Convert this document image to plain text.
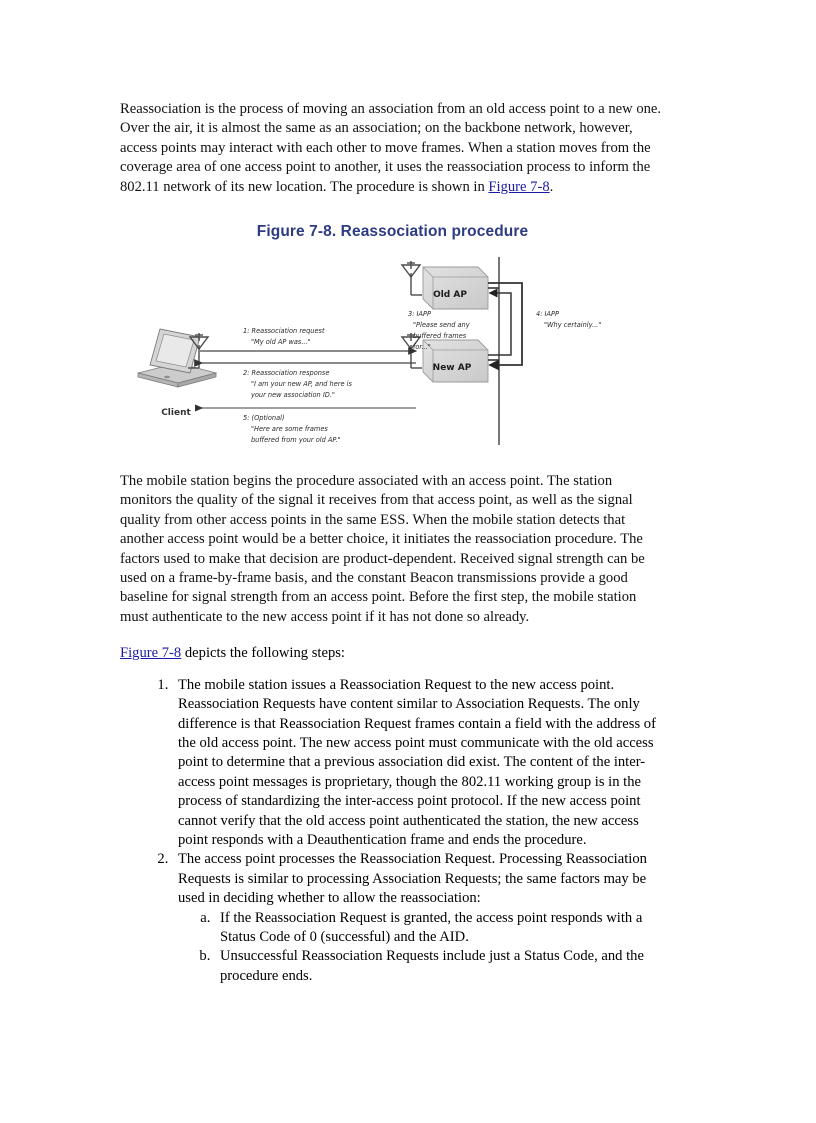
Reassociation is the process of moving an association from an old access point to a new one. Over the air, it is almost the same as an association; on the backbone network, however, access points may interact with each other to move frames. When a station moves from the coverage area of one access point to another, it uses the reassociation process to inform the 802.11 network of its new location. The procedure is shown in Figure 7-8.

Figure 7-8. Reassociation procedure
Client
Old AP
New AP
1: Reassociation request
"My old AP was..."
2: Reassociation response
"I am your new AP, and here is
your new association ID."
5: (Optional)
"Here are some frames
buffered from your old AP."
3: IAPP
"Please send any
buffered frames
for..."
4: IAPP
"Why certainly..."

The mobile station begins the procedure associated with an access point. The station monitors the quality of the signal it receives from that access point, as well as the signal quality from other access points in the same ESS. When the mobile station detects that another access point would be a better choice, it initiates the reassociation procedure. The factors used to make that decision are product-dependent. Received signal strength can be used on a frame-by-frame basis, and the constant Beacon transmissions provide a good baseline for signal strength from an access point. Before the first step, the mobile station must authenticate to the new access point if it has not done so already.

Figure 7-8 depicts the following steps:

1. The mobile station issues a Reassociation Request to the new access point. Reassociation Requests have content similar to Association Requests. The only difference is that Reassociation Request frames contain a field with the address of the old access point. The new access point must communicate with the old access point to determine that a previous association did exist. The content of the inter-access point messages is proprietary, though the 802.11 working group is in the process of standardizing the inter-access point protocol. If the new access point cannot verify that the old access point authenticated the station, the new access point responds with a Deauthentication frame and ends the procedure.
2. The access point processes the Reassociation Request. Processing Reassociation Requests is similar to processing Association Requests; the same factors may be used in deciding whether to allow the reassociation:
a. If the Reassociation Request is granted, the access point responds with a Status Code of 0 (successful) and the AID.
b. Unsuccessful Reassociation Requests include just a Status Code, and the procedure ends.
